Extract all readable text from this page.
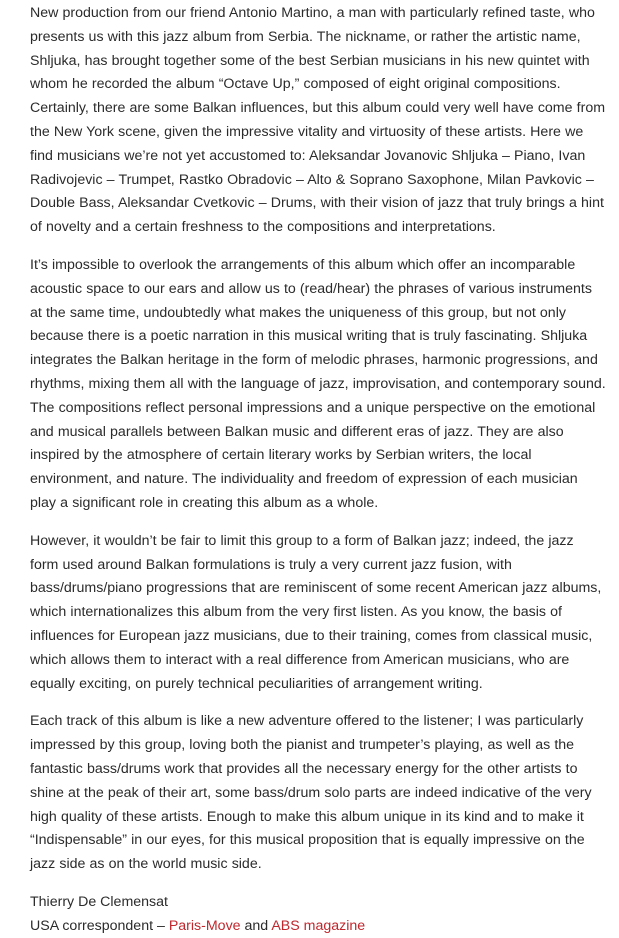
New production from our friend Antonio Martino, a man with particularly refined taste, who presents us with this jazz album from Serbia. The nickname, or rather the artistic name, Shljuka, has brought together some of the best Serbian musicians in his new quintet with whom he recorded the album “Octave Up,” composed of eight original compositions. Certainly, there are some Balkan influences, but this album could very well have come from the New York scene, given the impressive vitality and virtuosity of these artists. Here we find musicians we’re not yet accustomed to: Aleksandar Jovanovic Shljuka – Piano, Ivan Radivojevic – Trumpet, Rastko Obradovic – Alto & Soprano Saxophone, Milan Pavkovic – Double Bass, Aleksandar Cvetkovic – Drums, with their vision of jazz that truly brings a hint of novelty and a certain freshness to the compositions and interpretations.

It’s impossible to overlook the arrangements of this album which offer an incomparable acoustic space to our ears and allow us to (read/hear) the phrases of various instruments at the same time, undoubtedly what makes the uniqueness of this group, but not only because there is a poetic narration in this musical writing that is truly fascinating. Shljuka integrates the Balkan heritage in the form of melodic phrases, harmonic progressions, and rhythms, mixing them all with the language of jazz, improvisation, and contemporary sound. The compositions reflect personal impressions and a unique perspective on the emotional and musical parallels between Balkan music and different eras of jazz. They are also inspired by the atmosphere of certain literary works by Serbian writers, the local environment, and nature. The individuality and freedom of expression of each musician play a significant role in creating this album as a whole.

However, it wouldn’t be fair to limit this group to a form of Balkan jazz; indeed, the jazz form used around Balkan formulations is truly a very current jazz fusion, with bass/drums/piano progressions that are reminiscent of some recent American jazz albums, which internationalizes this album from the very first listen. As you know, the basis of influences for European jazz musicians, due to their training, comes from classical music, which allows them to interact with a real difference from American musicians, who are equally exciting, on purely technical peculiarities of arrangement writing.

Each track of this album is like a new adventure offered to the listener; I was particularly impressed by this group, loving both the pianist and trumpeter’s playing, as well as the fantastic bass/drums work that provides all the necessary energy for the other artists to shine at the peak of their art, some bass/drum solo parts are indeed indicative of the very high quality of these artists. Enough to make this album unique in its kind and to make it “Indispensable” in our eyes, for this musical proposition that is equally impressive on the jazz side as on the world music side.

Thierry De Clemensat
USA correspondent – Paris-Move and ABS magazine
